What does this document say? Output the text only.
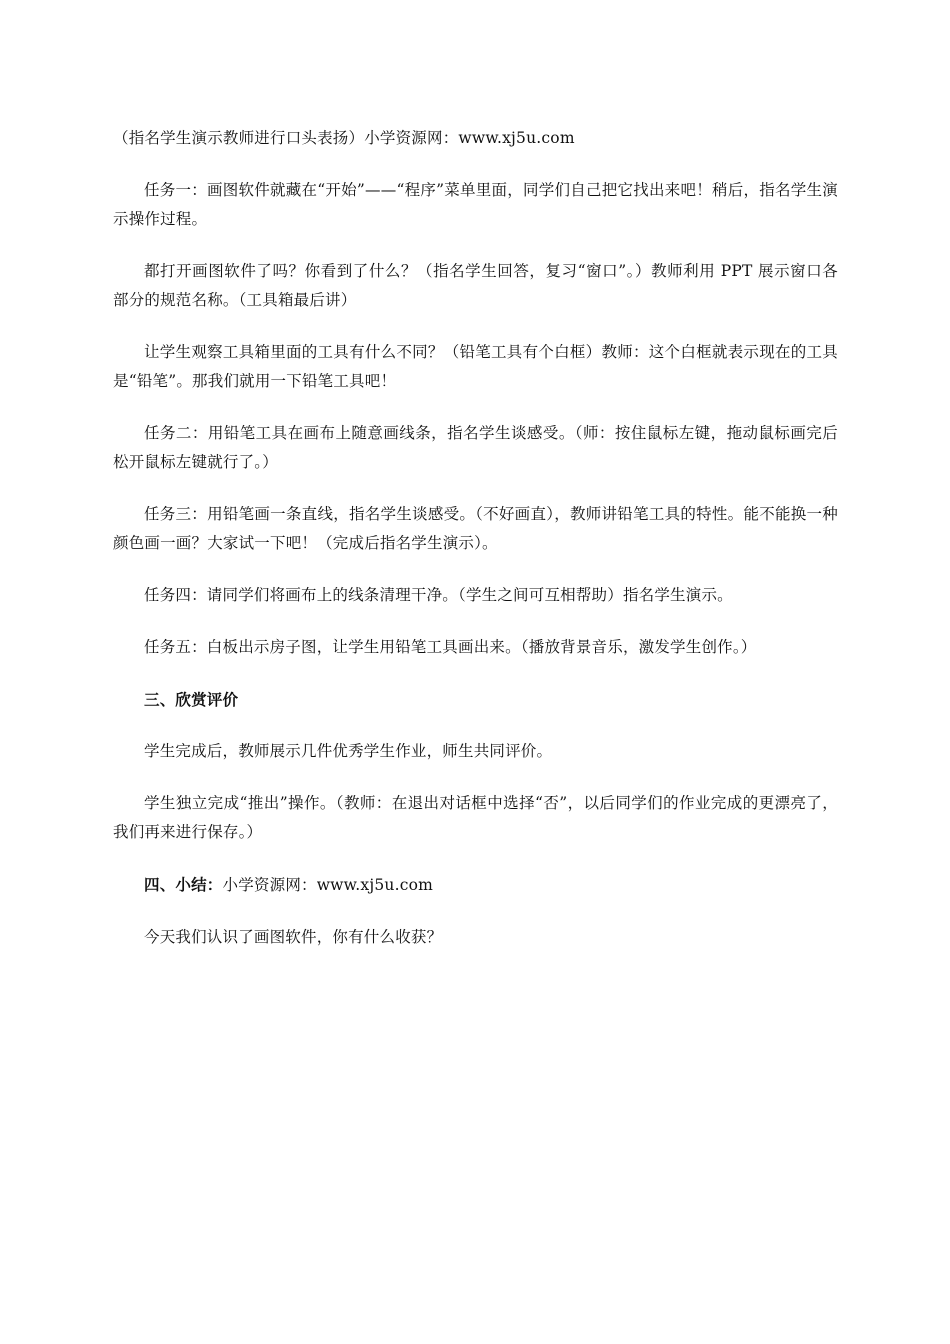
（指名学生演示教师进行口头表扬）小学资源网：www.xj5u.com

任务一：画图软件就藏在“开始”——“程序”菜单里面，同学们自己把它找出来吧！稍后，指名学生演示操作过程。

都打开画图软件了吗？你看到了什么？（指名学生回答，复习“窗口”。）教师利用 PPT 展示窗口各部分的规范名称。（工具箱最后讲）

让学生观察工具箱里面的工具有什么不同？（铅笔工具有个白框）教师：这个白框就表示现在的工具是“铅笔”。那我们就用一下铅笔工具吧！

任务二：用铅笔工具在画布上随意画线条，指名学生谈感受。（师：按住鼠标左键，拖动鼠标画完后松开鼠标左键就行了。）

任务三：用铅笔画一条直线，指名学生谈感受。（不好画直），教师讲铅笔工具的特性。能不能换一种颜色画一画？大家试一下吧！（完成后指名学生演示）。

任务四：请同学们将画布上的线条清理干净。（学生之间可互相帮助）指名学生演示。

任务五：白板出示房子图，让学生用铅笔工具画出来。（播放背景音乐，激发学生创作。）

三、欣赏评价

学生完成后，教师展示几件优秀学生作业，师生共同评价。

学生独立完成“推出”操作。（教师：在退出对话框中选择“否”，以后同学们的作业完成的更漂亮了，我们再来进行保存。）

四、小结：小学资源网：www.xj5u.com

今天我们认识了画图软件，你有什么收获？
